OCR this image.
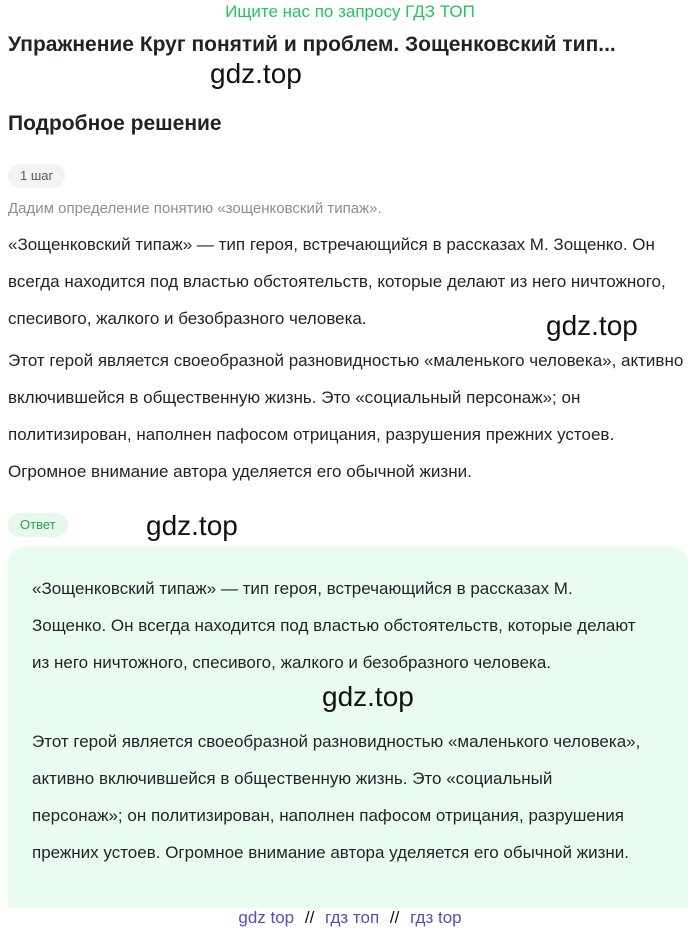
Ищите нас по запросу ГДЗ ТОП
Упражнение Круг понятий и проблем. Зощенковский тип...
gdz.top
Подробное решение
1 шаг
Дадим определение понятию «зощенковский типаж».

«Зощенковский типаж» — тип героя, встречающийся в рассказах М. Зощенко. Он всегда находится под властью обстоятельств, которые делают из него ничтожного, спесивого, жалкого и безобразного человека.	gdz.top

Этот герой является своеобразной разновидностью «маленького человека», активно включившейся в общественную жизнь. Это «социальный персонаж»; он политизирован, наполнен пафосом отрицания, разрушения прежних устоев. Огромное внимание автора уделяется его обычной жизни.

Ответ	gdz.top

«Зощенковский типаж» — тип героя, встречающийся в рассказах М. Зощенко. Он всегда находится под властью обстоятельств, которые делают из него ничтожного, спесивого, жалкого и безобразного человека.

gdz.top

Этот герой является своеобразной разновидностью «маленького человека», активно включившейся в общественную жизнь. Это «социальный персонаж»; он политизирован, наполнен пафосом отрицания, разрушения прежних устоев. Огромное внимание автора уделяется его обычной жизни.

gdz top // гдз топ // гдз top
